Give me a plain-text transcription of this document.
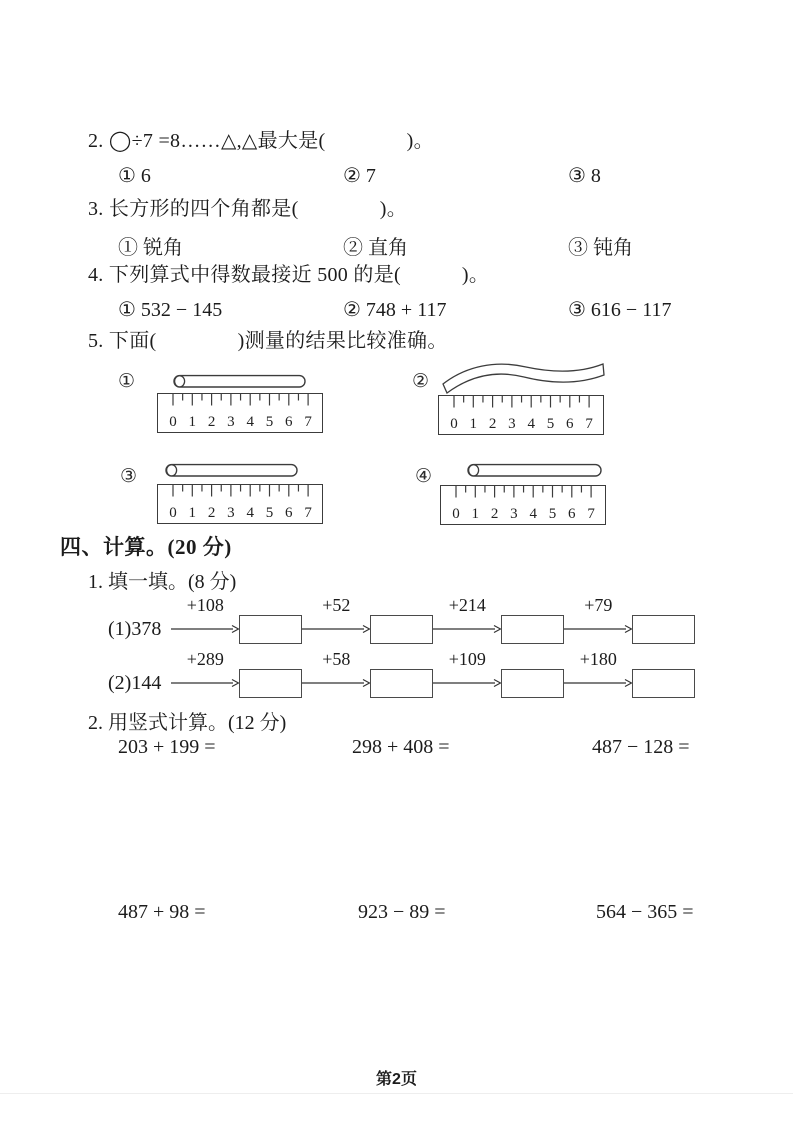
2. ◯÷7 =8……△,△最大是(　　　　)。
① 6	② 7	③ 8
3. 长方形的四个角都是(　　　　)。
① 锐角	② 直角	③ 钝角
4. 下列算式中得数最接近 500 的是(　　　)。
① 532 − 145	② 748 + 117	③ 616 − 117
5. 下面(　　　　)测量的结果比较准确。
①
0 1 2 3 4 5 6 7
②
0 1 2 3 4 5 6 7
③
0 1 2 3 4 5 6 7
④
0 1 2 3 4 5 6 7
四、计算。(20 分)
1. 填一填。(8 分)
(1)378
+108	+52	+214	+79
(2)144
+289	+58	+109	+180
2. 用竖式计算。(12 分)
203 + 199 =	298 + 408 =	487 − 128 =
487 + 98 =	923 − 89 =	564 − 365 =
第2页
